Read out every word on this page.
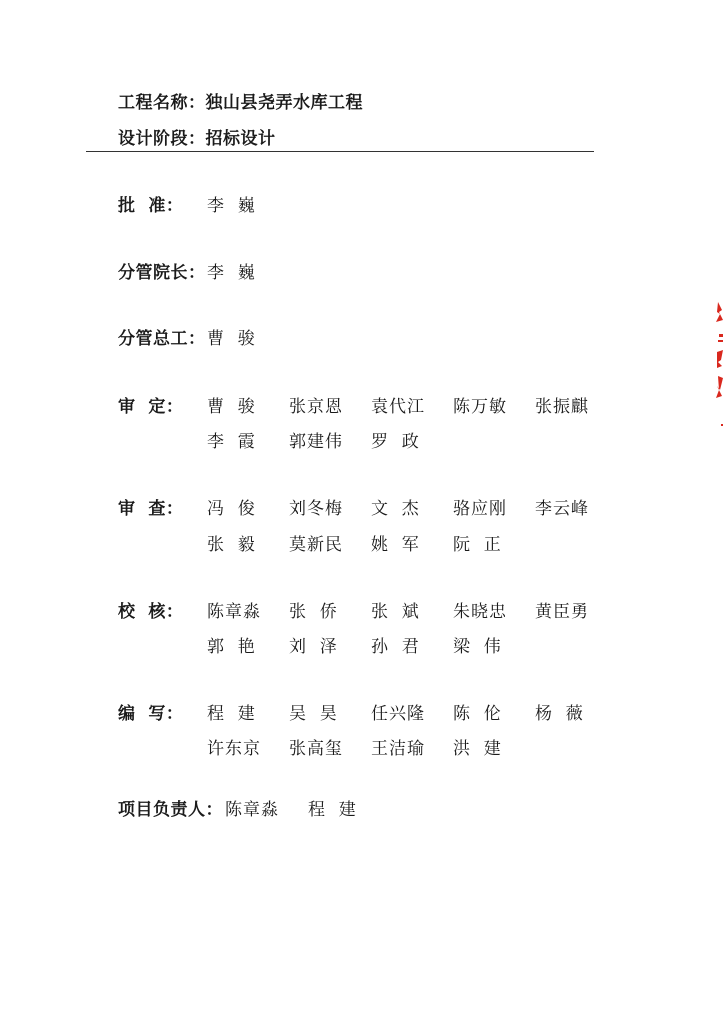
工程名称：独山县尧弄水库工程
设计阶段：招标设计
批  准： 李  巍
分管院长： 李  巍
分管总工： 曹  骏
审  定： 曹  骏 张京恩 袁代江 陈万敏 张振麒
李  霞 郭建伟 罗  政
审  查： 冯  俊 刘冬梅 文  杰 骆应刚 李云峰
张  毅 莫新民 姚  军 阮  正
校  核： 陈章淼 张  侨 张  斌 朱晓忠 黄臣勇
郭  艳 刘  泽 孙  君 梁  伟
编  写： 程  建 吴  昊 任兴隆 陈  伦 杨  薇
许东京 张高玺 王洁瑜 洪  建
项目负责人： 陈章淼 程  建
